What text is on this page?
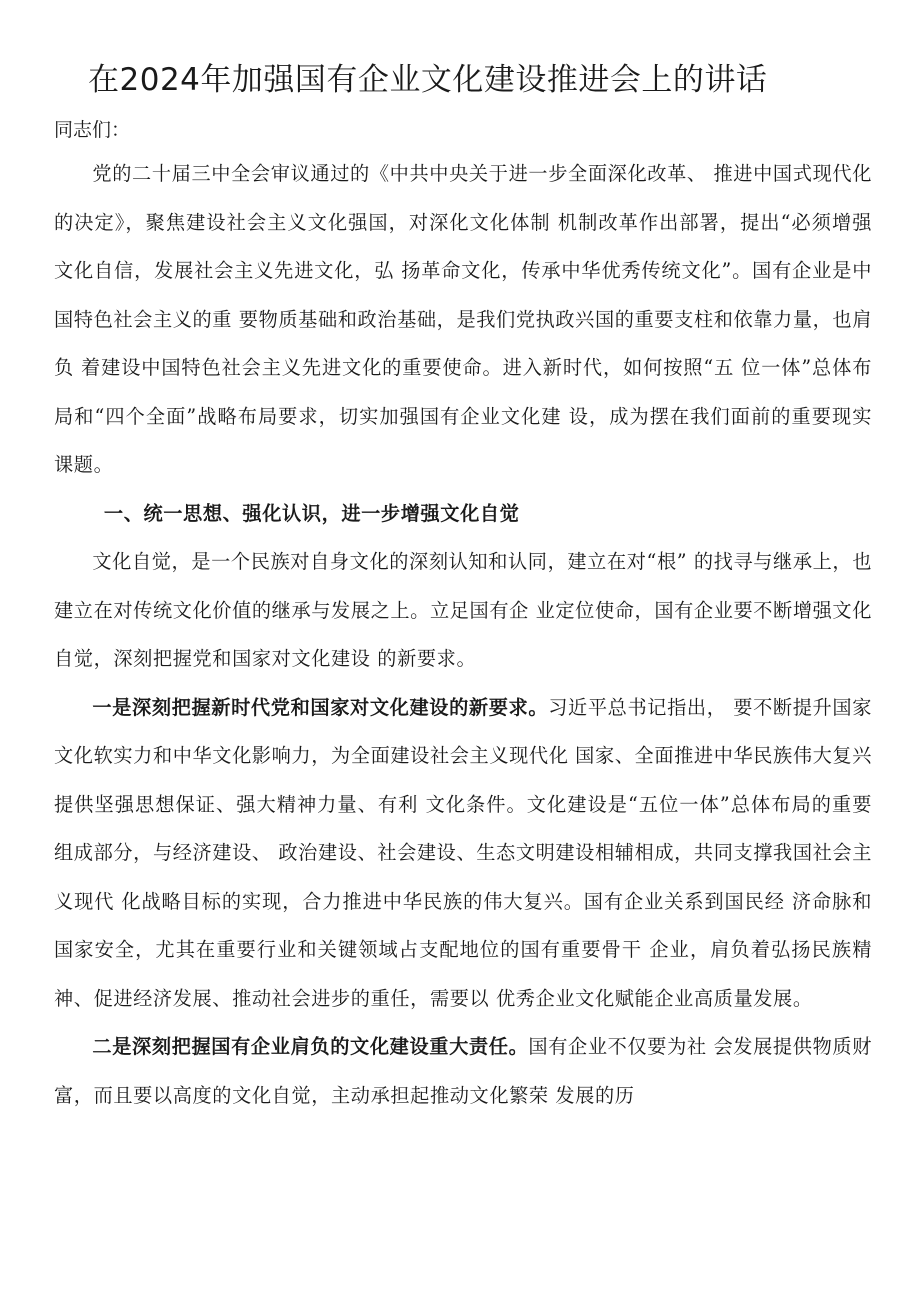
在2024年加强国有企业文化建设推进会上的讲话

同志们：

党的二十届三中全会审议通过的《中共中央关于进一步全面深化改革、 推进中国式现代化的决定》，聚焦建设社会主义文化强国，对深化文化体制 机制改革作出部署，提出“必须增强文化自信，发展社会主义先进文化，弘 扬革命文化，传承中华优秀传统文化”。国有企业是中国特色社会主义的重 要物质基础和政治基础，是我们党执政兴国的重要支柱和依靠力量，也肩负 着建设中国特色社会主义先进文化的重要使命。进入新时代，如何按照“五 位一体”总体布局和“四个全面”战略布局要求，切实加强国有企业文化建 设，成为摆在我们面前的重要现实课题。

一、统一思想、强化认识，进一步增强文化自觉

文化自觉，是一个民族对自身文化的深刻认知和认同，建立在对“根” 的找寻与继承上，也建立在对传统文化价值的继承与发展之上。立足国有企 业定位使命，国有企业要不断增强文化自觉，深刻把握党和国家对文化建设 的新要求。

一是深刻把握新时代党和国家对文化建设的新要求。习近平总书记指出， 要不断提升国家文化软实力和中华文化影响力，为全面建设社会主义现代化 国家、全面推进中华民族伟大复兴提供坚强思想保证、强大精神力量、有利 文化条件。文化建设是“五位一体”总体布局的重要组成部分，与经济建设、 政治建设、社会建设、生态文明建设相辅相成，共同支撑我国社会主义现代 化战略目标的实现，合力推进中华民族的伟大复兴。国有企业关系到国民经 济命脉和国家安全，尤其在重要行业和关键领域占支配地位的国有重要骨干 企业，肩负着弘扬民族精神、促进经济发展、推动社会进步的重任，需要以 优秀企业文化赋能企业高质量发展。

二是深刻把握国有企业肩负的文化建设重大责任。国有企业不仅要为社 会发展提供物质财富，而且要以高度的文化自觉，主动承担起推动文化繁荣 发展的历
